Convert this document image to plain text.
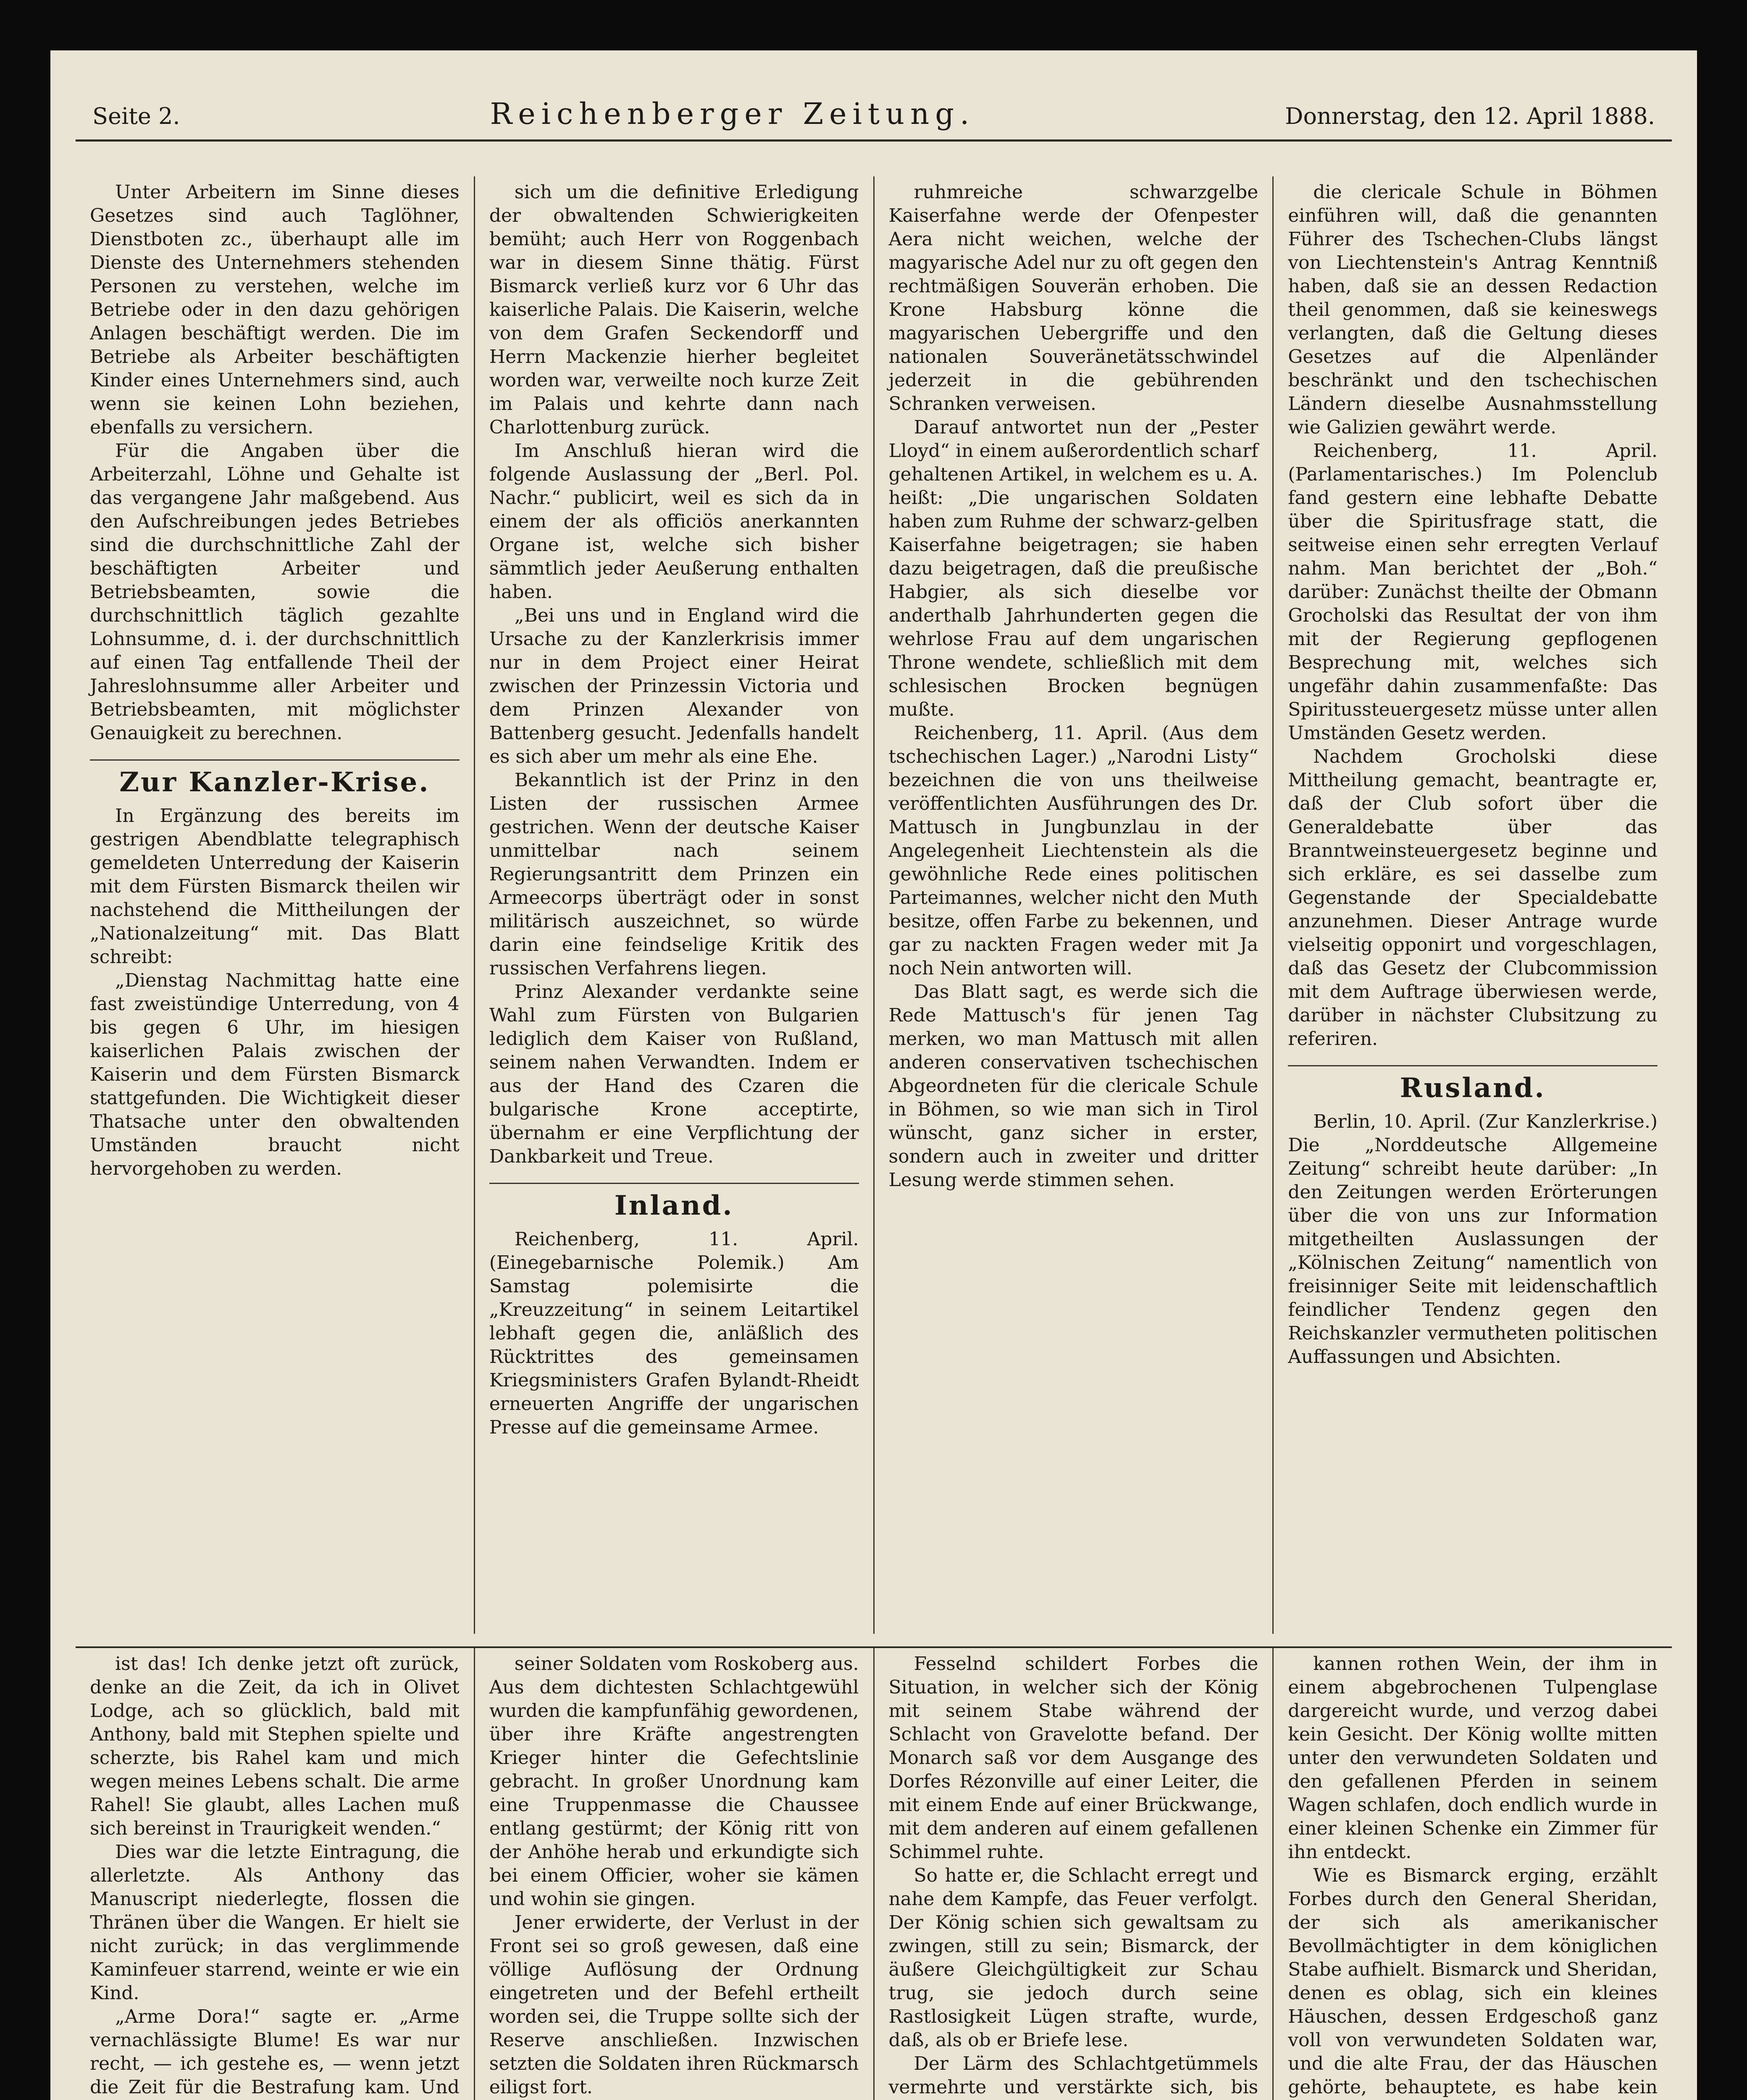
Seite 2.	Reichenberger Zeitung.	Donnerstag, den 12. April 1888.

Unter Arbeitern im Sinne dieses Gesetzes sind auch Taglöhner, Dienstboten zc., überhaupt alle im Dienste des Unternehmers stehenden Personen zu verstehen, welche im Betriebe oder in den dazu gehörigen Anlagen beschäftigt werden. Die im Betriebe als Arbeiter beschäftigten Kinder eines Unternehmers sind, auch wenn sie keinen Lohn beziehen, ebenfalls zu versichern.

Für die Angaben über die Arbeiterzahl, Löhne und Gehalte ist das vergangene Jahr maßgebend. Aus den Aufschreibungen jedes Betriebes sind die durchschnittliche Zahl der beschäftigten Arbeiter und Betriebsbeamten, sowie die durchschnittlich täglich gezahlte Lohnsumme, d. i. der durchschnittlich auf einen Tag entfallende Theil der Jahreslohnsumme aller Arbeiter und Betriebsbeamten, mit möglichster Genauigkeit zu berechnen.

Zur Kanzler-Krise.

In Ergänzung des bereits im gestrigen Abendblatte telegraphisch gemeldeten Unterredung der Kaiserin mit dem Fürsten Bismarck theilen wir nachstehend die Mittheilungen der „Nationalzeitung“ mit. Das Blatt schreibt:

„Dienstag Nachmittag hatte eine fast zweistündige Unterredung, von 4 bis gegen 6 Uhr, im hiesigen kaiserlichen Palais zwischen der Kaiserin und dem Fürsten Bismarck stattgefunden. Die Wichtigkeit dieser Thatsache unter den obwaltenden Umständen braucht nicht hervorgehoben zu werden.

sich um die definitive Erledigung der obwaltenden Schwierigkeiten bemüht; auch Herr von Roggenbach war in diesem Sinne thätig. Fürst Bismarck verließ kurz vor 6 Uhr das kaiserliche Palais. Die Kaiserin, welche von dem Grafen Seckendorff und Herrn Mackenzie hierher begleitet worden war, verweilte noch kurze Zeit im Palais und kehrte dann nach Charlottenburg zurück.

Im Anschluß hieran wird die folgende Auslassung der „Berl. Pol. Nachr.“ publicirt, weil es sich da in einem der als officiös anerkannten Organe ist, welche sich bisher sämmtlich jeder Aeußerung enthalten haben.

„Bei uns und in England wird die Ursache zu der Kanzlerkrisis immer nur in dem Project einer Heirat zwischen der Prinzessin Victoria und dem Prinzen Alexander von Battenberg gesucht. Jedenfalls handelt es sich aber um mehr als eine Ehe.

Bekanntlich ist der Prinz in den Listen der russischen Armee gestrichen. Wenn der deutsche Kaiser unmittelbar nach seinem Regierungsantritt dem Prinzen ein Armeecorps überträgt oder in sonst militärisch auszeichnet, so würde darin eine feindselige Kritik des russischen Verfahrens liegen.

Prinz Alexander verdankte seine Wahl zum Fürsten von Bulgarien lediglich dem Kaiser von Rußland, seinem nahen Verwandten. Indem er aus der Hand des Czaren die bulgarische Krone acceptirte, übernahm er eine Verpflichtung der Dankbarkeit und Treue.

Inland.

Reichenberg, 11. April. (Einegebarnische Polemik.) Am Samstag polemisirte die „Kreuzzeitung“ in seinem Leitartikel lebhaft gegen die, anläßlich des Rücktrittes des gemeinsamen Kriegsministers Grafen Bylandt-Rheidt erneuerten Angriffe der ungarischen Presse auf die gemeinsame Armee.

ruhmreiche schwarzgelbe Kaiserfahne werde der Ofenpester Aera nicht weichen, welche der magyarische Adel nur zu oft gegen den rechtmäßigen Souverän erhoben. Die Krone Habsburg könne die magyarischen Uebergriffe und den nationalen Souveränetätsschwindel jederzeit in die gebührenden Schranken verweisen.

Darauf antwortet nun der „Pester Lloyd“ in einem außerordentlich scharf gehaltenen Artikel, in welchem es u. A. heißt: „Die ungarischen Soldaten haben zum Ruhme der schwarz-gelben Kaiserfahne beigetragen; sie haben dazu beigetragen, daß die preußische Habgier, als sich dieselbe vor anderthalb Jahrhunderten gegen die wehrlose Frau auf dem ungarischen Throne wendete, schließlich mit dem schlesischen Brocken begnügen mußte.

Reichenberg, 11. April. (Aus dem tschechischen Lager.) „Narodni Listy“ bezeichnen die von uns theilweise veröffentlichten Ausführungen des Dr. Mattusch in Jungbunzlau in der Angelegenheit Liechtenstein als die gewöhnliche Rede eines politischen Parteimannes, welcher nicht den Muth besitze, offen Farbe zu bekennen, und gar zu nackten Fragen weder mit Ja noch Nein antworten will.

Das Blatt sagt, es werde sich die Rede Mattusch's für jenen Tag merken, wo man Mattusch mit allen anderen conservativen tschechischen Abgeordneten für die clericale Schule in Böhmen, so wie man sich in Tirol wünscht, ganz sicher in erster, sondern auch in zweiter und dritter Lesung werde stimmen sehen.

die clericale Schule in Böhmen einführen will, daß die genannten Führer des Tschechen-Clubs längst von Liechtenstein's Antrag Kenntniß haben, daß sie an dessen Redaction theil genommen, daß sie keineswegs verlangten, daß die Geltung dieses Gesetzes auf die Alpenländer beschränkt und den tschechischen Ländern dieselbe Ausnahmsstellung wie Galizien gewährt werde.

Reichenberg, 11. April. (Parlamentarisches.) Im Polenclub fand gestern eine lebhafte Debatte über die Spiritusfrage statt, die seitweise einen sehr erregten Verlauf nahm. Man berichtet der „Boh.“ darüber: Zunächst theilte der Obmann Grocholski das Resultat der von ihm mit der Regierung gepflogenen Besprechung mit, welches sich ungefähr dahin zusammenfaßte: Das Spiritussteuergesetz müsse unter allen Umständen Gesetz werden.

Nachdem Grocholski diese Mittheilung gemacht, beantragte er, daß der Club sofort über die Generaldebatte über das Branntweinsteuergesetz beginne und sich erkläre, es sei dasselbe zum Gegenstande der Specialdebatte anzunehmen. Dieser Antrage wurde vielseitig opponirt und vorgeschlagen, daß das Gesetz der Clubcommission mit dem Auftrage überwiesen werde, darüber in nächster Clubsitzung zu referiren.

Rusland.

Berlin, 10. April. (Zur Kanzlerkrise.) Die „Norddeutsche Allgemeine Zeitung“ schreibt heute darüber: „In den Zeitungen werden Erörterungen über die von uns zur Information mitgetheilten Auslassungen der „Kölnischen Zeitung“ namentlich von freisinniger Seite mit leidenschaftlich feindlicher Tendenz gegen den Reichskanzler vermutheten politischen Auffassungen und Absichten.

ist das! Ich denke jetzt oft zurück, denke an die Zeit, da ich in Olivet Lodge, ach so glücklich, bald mit Anthony, bald mit Stephen spielte und scherzte, bis Rahel kam und mich wegen meines Lebens schalt. Die arme Rahel! Sie glaubt, alles Lachen muß sich bereinst in Traurigkeit wenden.“

Dies war die letzte Eintragung, die allerletzte. Als Anthony das Manuscript niederlegte, flossen die Thränen über die Wangen. Er hielt sie nicht zurück; in das verglimmende Kaminfeuer starrend, weinte er wie ein Kind.

„Arme Dora!“ sagte er. „Arme vernachlässigte Blume! Es war nur recht, — ich gestehe es, — wenn jetzt die Zeit für die Bestrafung kam. Und

seiner Soldaten vom Roskoberg aus. Aus dem dichtesten Schlachtgewühl wurden die kampfunfähig gewordenen, über ihre Kräfte angestrengten Krieger hinter die Gefechtslinie gebracht. In großer Unordnung kam eine Truppenmasse die Chaussee entlang gestürmt; der König ritt von der Anhöhe herab und erkundigte sich bei einem Officier, woher sie kämen und wohin sie gingen.

Jener erwiderte, der Verlust in der Front sei so groß gewesen, daß eine völlige Auflösung der Ordnung eingetreten und der Befehl ertheilt worden sei, die Truppe sollte sich der Reserve anschließen. Inzwischen setzten die Soldaten ihren Rückmarsch eiligst fort.

Fesselnd schildert Forbes die Situation, in welcher sich der König mit seinem Stabe während der Schlacht von Gravelotte befand. Der Monarch saß vor dem Ausgange des Dorfes Rézonville auf einer Leiter, die mit einem Ende auf einer Brückwange, mit dem anderen auf einem gefallenen Schimmel ruhte.

So hatte er, die Schlacht erregt und nahe dem Kampfe, das Feuer verfolgt. Der König schien sich gewaltsam zu zwingen, still zu sein; Bismarck, der äußere Gleichgültigkeit zur Schau trug, sie jedoch durch seine Rastlosigkeit Lügen strafte, wurde, daß, als ob er Briefe lese.

Der Lärm des Schlachtgetümmels vermehrte und verstärkte sich, bis

kannen rothen Wein, der ihm in einem abgebrochenen Tulpenglase dargereicht wurde, und verzog dabei kein Gesicht. Der König wollte mitten unter den verwundeten Soldaten und den gefallenen Pferden in seinem Wagen schlafen, doch endlich wurde in einer kleinen Schenke ein Zimmer für ihn entdeckt.

Wie es Bismarck erging, erzählt Forbes durch den General Sheridan, der sich als amerikanischer Bevollmächtigter in dem königlichen Stabe aufhielt. Bismarck und Sheridan, denen es oblag, sich ein kleines Häuschen, dessen Erdgeschoß ganz voll von verwundeten Soldaten war, und die alte Frau, der das Häuschen gehörte, behauptete, es habe kein
